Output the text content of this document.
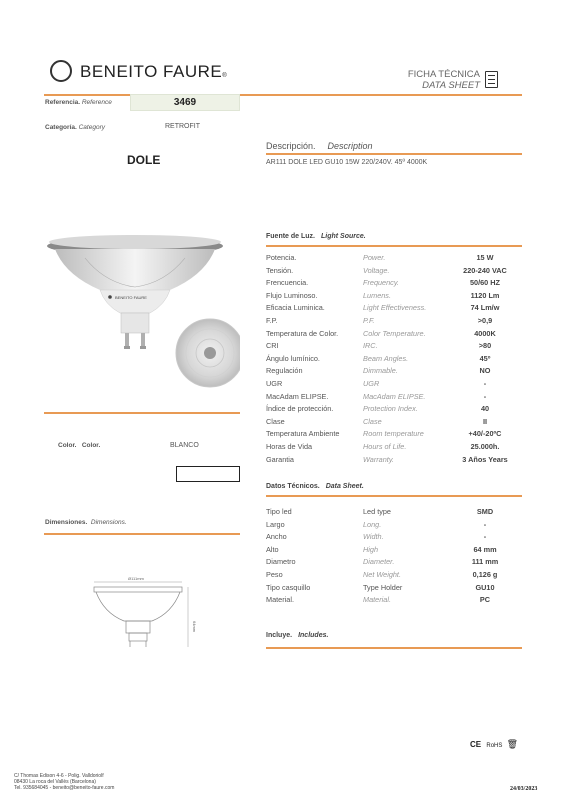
BENEITO FAURE®	FICHA TÉCNICA
DATA SHEET
Referencia. Reference	3469
Categoría. Category	RETROFIT
Descripción. Description
AR111 DOLE LED GU10 15W 220/240V. 45º 4000K
DOLE
BENEITO FAURE
Fuente de Luz. Light Source.
Potencia.	Power.	15 W
Tensión.	Voltage.	220-240 VAC
Frencuencia.	Frequency.	50/60 HZ
Flujo Luminoso.	Lumens.	1120 Lm
Eficacia Luminica.	Light Effectiveness.	74 Lm/w
F.P.	P.F.	>0,9
Temperatura de Color.	Color Temperature.	4000K
CRI	IRC.	>80
Ángulo lumínico.	Beam Angles.	45º
Regulación	Dimmable.	NO
UGR	UGR	-
MacAdam ELIPSE.	MacAdam ELIPSE.	-
Índice de protección.	Protection Index.	40
Clase	Clase	II
Temperatura Ambiente	Room temperature	+40/-20ºC
Horas de Vida	Hours of Life.	25.000h.
Garantia	Warranty.	3 Años Years
Color. Color.	BLANCO
Datos Técnicos. Data Sheet.
Tipo led	Led type	SMD
Largo	Long.	-
Ancho	Width.	-
Alto	High	64 mm
Diametro	Diameter.	111 mm
Peso	Net Weight.	0,126 g
Tipo casquillo	Type Holder	GU10
Material.	Material.	PC
Dimensiones. Dimensions.
Ø111mm
64mm
Incluye. Includes.
CE RoHS 🗑
C/ Thomas Edison 4-6 - Polig. Valldoriolf
08430 La roca del Vallès (Barcelona)
Tel. 935684045 - beneito@beneito-faure.com	24/03/2023
